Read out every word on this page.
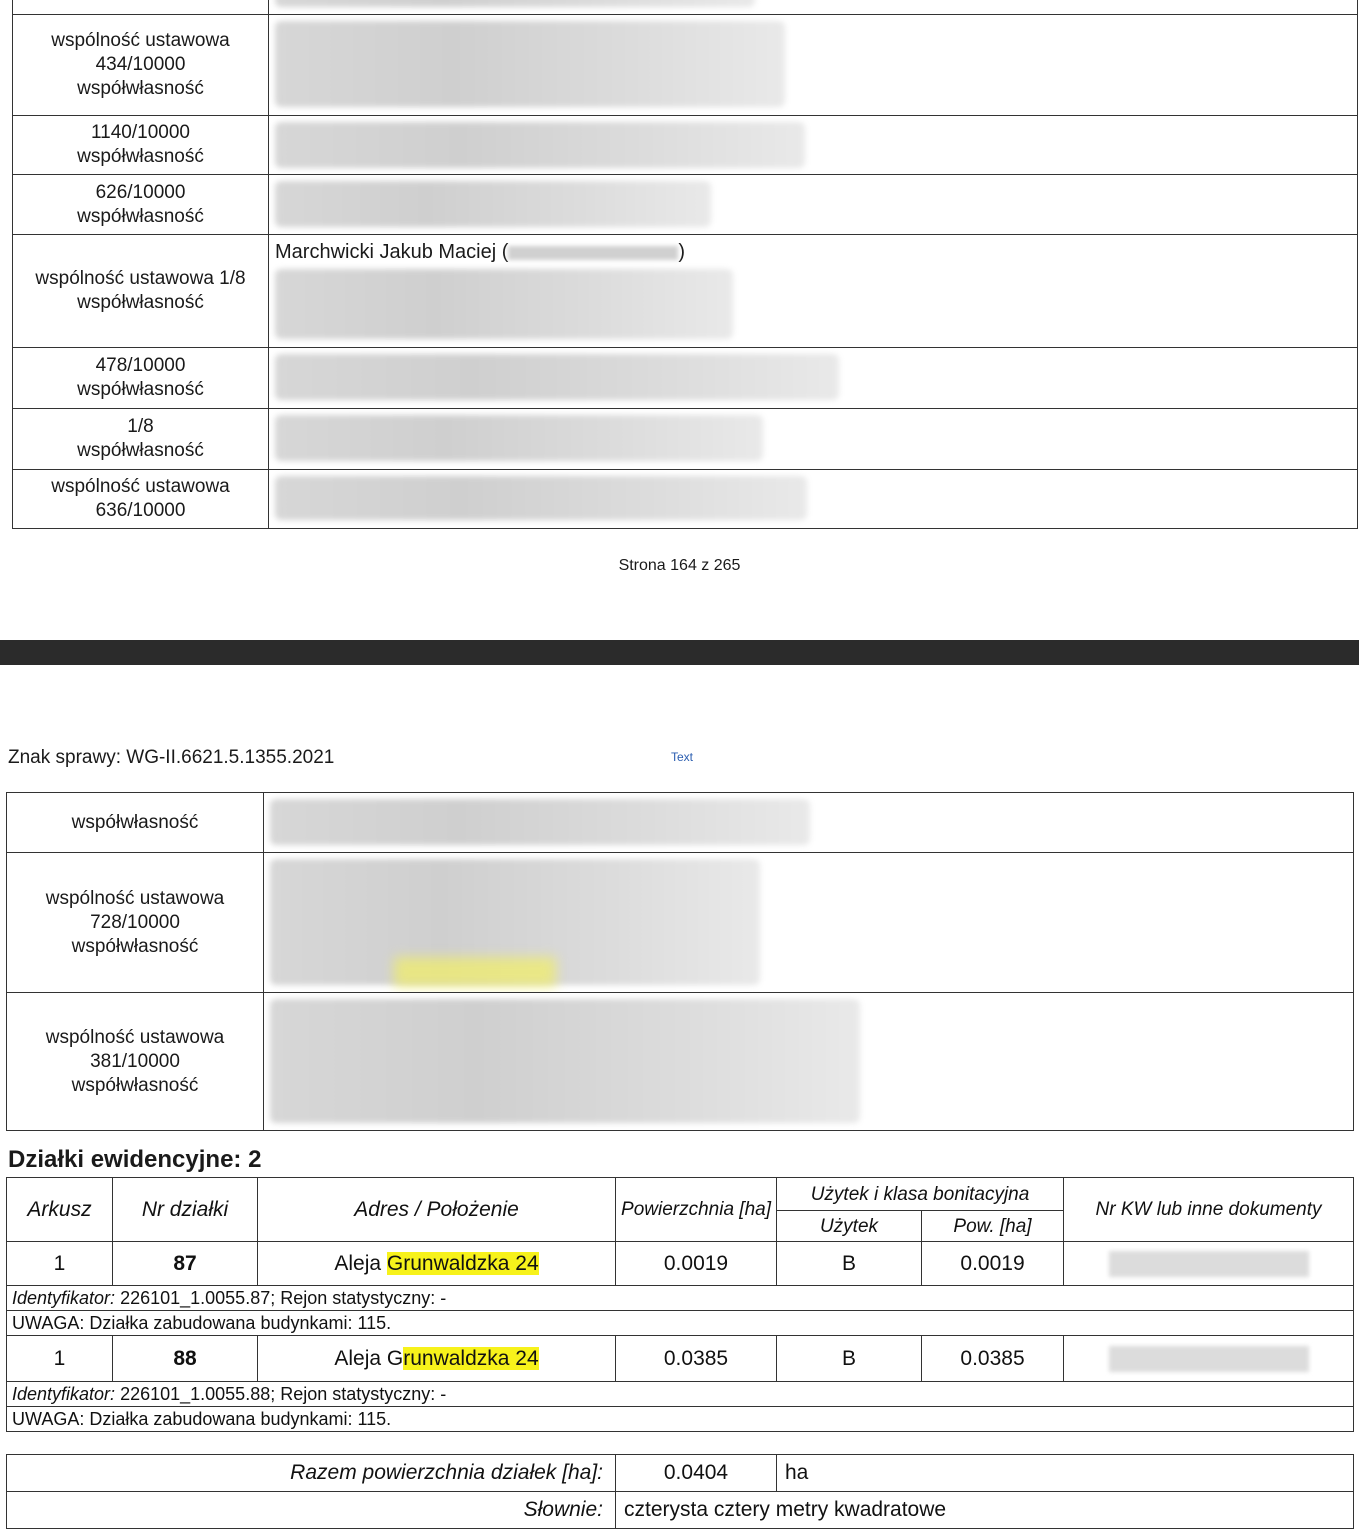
wspólność ustawowa
434/10000
współwłasność	

1140/10000
współwłasność	

626/10000
współwłasność	

wspólność ustawowa 1/8
współwłasność	Marchwicki Jakub Maciej ( )

478/10000
współwłasność	

1/8
współwłasność	

wspólność ustawowa
636/10000	

Strona 164 z 265
Znak sprawy: WG-II.6621.5.1355.2021	Text
współwłasność	

wspólność ustawowa
728/10000
współwłasność	

wspólność ustawowa
381/10000
współwłasność	

Działki ewidencyjne: 2
Arkusz	Nr działki	Adres / Położenie	Powierzchnia [ha]	Użytek i klasa bonitacyjna		Nr KW lub inne dokumenty
				Użytek	Pow. [ha]	
1	87	Aleja Grunwaldzka 24	0.0019	B	0.0019	
Identyfikator: 226101_1.0055.87; Rejon statystyczny: -						
UWAGA: Działka zabudowana budynkami: 115.						
1	88	Aleja Grunwaldzka 24	0.0385	B	0.0385	
Identyfikator: 226101_1.0055.88; Rejon statystyczny: -						
UWAGA: Działka zabudowana budynkami: 115.						
Razem powierzchnia działek [ha]:	0.0404	ha
Słownie:	czterysta cztery metry kwadratowe	
